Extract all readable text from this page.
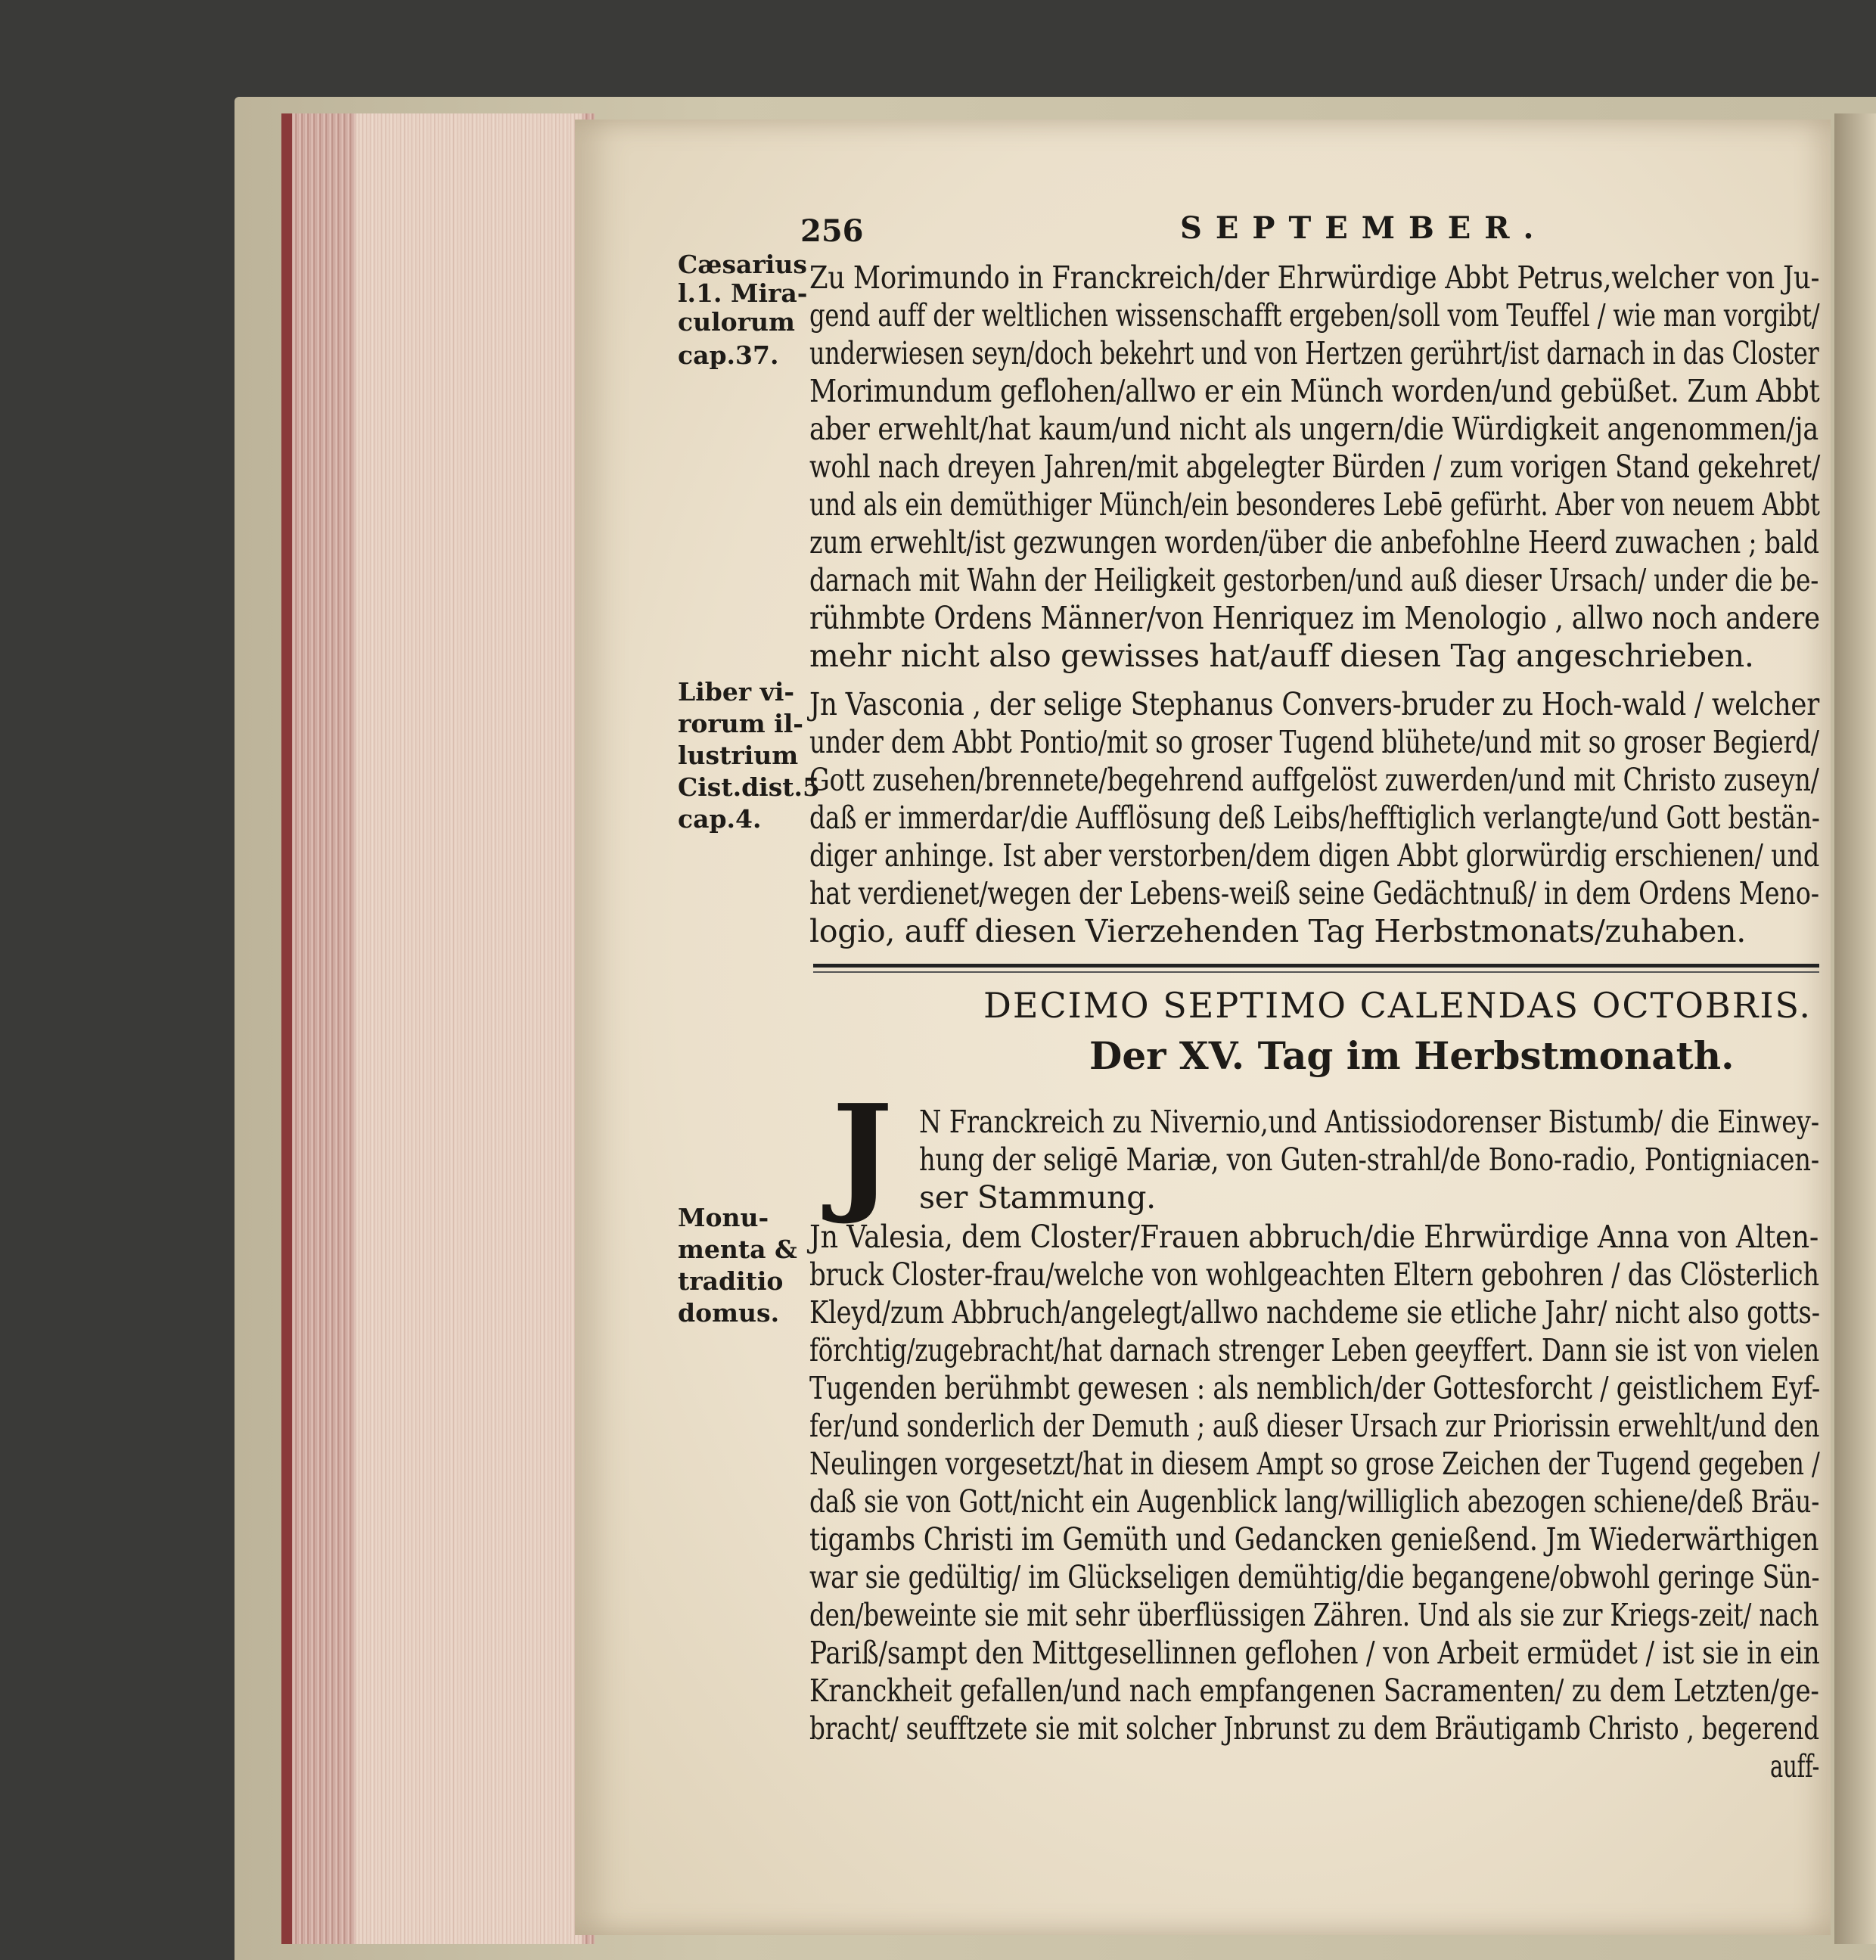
256	SEPTEMBER.
Cæsarius
l.1. Mira-
culorum
cap.37.
Zu Morimundo in Franckreich/der Ehrwürdige Abbt Petrus,welcher von Ju-
gend auff der weltlichen wissenschafft ergeben/soll vom Teuffel / wie man vorgibt/
underwiesen seyn/doch bekehrt und von Hertzen gerührt/ist darnach in das Closter
Morimundum geflohen/allwo er ein Münch worden/und gebüßet. Zum Abbt
aber erwehlt/hat kaum/und nicht als ungern/die Würdigkeit angenommen/ja
wohl nach dreyen Jahren/mit abgelegter Bürden / zum vorigen Stand gekehret/
und als ein demüthiger Münch/ein besonderes Lebē gefürht. Aber von neuem Abbt
zum erwehlt/ist gezwungen worden/über die anbefohlne Heerd zuwachen ; bald
darnach mit Wahn der Heiligkeit gestorben/und auß dieser Ursach/ under die be-
rühmbte Ordens Männer/von Henriquez im Menologio , allwo noch andere
mehr nicht also gewisses hat/auff diesen Tag angeschrieben.
Liber vi-
rorum il-
lustrium
Cist.dist.5
cap.4.
Jn Vasconia , der selige Stephanus Convers-bruder zu Hoch-wald / welcher
under dem Abbt Pontio/mit so groser Tugend blühete/und mit so groser Begierd/
Gott zusehen/brennete/begehrend auffgelöst zuwerden/und mit Christo zuseyn/
daß er immerdar/die Aufflösung deß Leibs/hefftiglich verlangte/und Gott bestän-
diger anhinge. Ist aber verstorben/dem digen Abbt glorwürdig erschienen/ und
hat verdienet/wegen der Lebens-weiß seine Gedächtnuß/ in dem Ordens Meno-
logio, auff diesen Vierzehenden Tag Herbstmonats/zuhaben.
DECIMO SEPTIMO CALENDAS OCTOBRIS.
Der XV. Tag im Herbstmonath.
J N Franckreich zu Nivernio,und Antissiodorenser Bistumb/ die Einwey-
hung der seligē Mariæ, von Guten-strahl/de Bono-radio, Pontigniacen-
ser Stammung.
Monu-
menta &
traditio
domus.
Jn Valesia, dem Closter/Frauen abbruch/die Ehrwürdige Anna von Alten-
bruck Closter-frau/welche von wohlgeachten Eltern gebohren / das Clösterlich
Kleyd/zum Abbruch/angelegt/allwo nachdeme sie etliche Jahr/ nicht also gotts-
förchtig/zugebracht/hat darnach strenger Leben geeyffert. Dann sie ist von vielen
Tugenden berühmbt gewesen : als nemblich/der Gottesforcht / geistlichem Eyf-
fer/und sonderlich der Demuth ; auß dieser Ursach zur Priorissin erwehlt/und den
Neulingen vorgesetzt/hat in diesem Ampt so grose Zeichen der Tugend gegeben /
daß sie von Gott/nicht ein Augenblick lang/williglich abezogen schiene/deß Bräu-
tigambs Christi im Gemüth und Gedancken genießend. Jm Wiederwärthigen
war sie gedültig/ im Glückseligen demühtig/die begangene/obwohl geringe Sün-
den/beweinte sie mit sehr überflüssigen Zähren. Und als sie zur Kriegs-zeit/ nach
Pariß/sampt den Mittgesellinnen geflohen / von Arbeit ermüdet / ist sie in ein
Kranckheit gefallen/und nach empfangenen Sacramenten/ zu dem Letzten/ge-
bracht/ seufftzete sie mit solcher Jnbrunst zu dem Bräutigamb Christo , begerend
auff-
